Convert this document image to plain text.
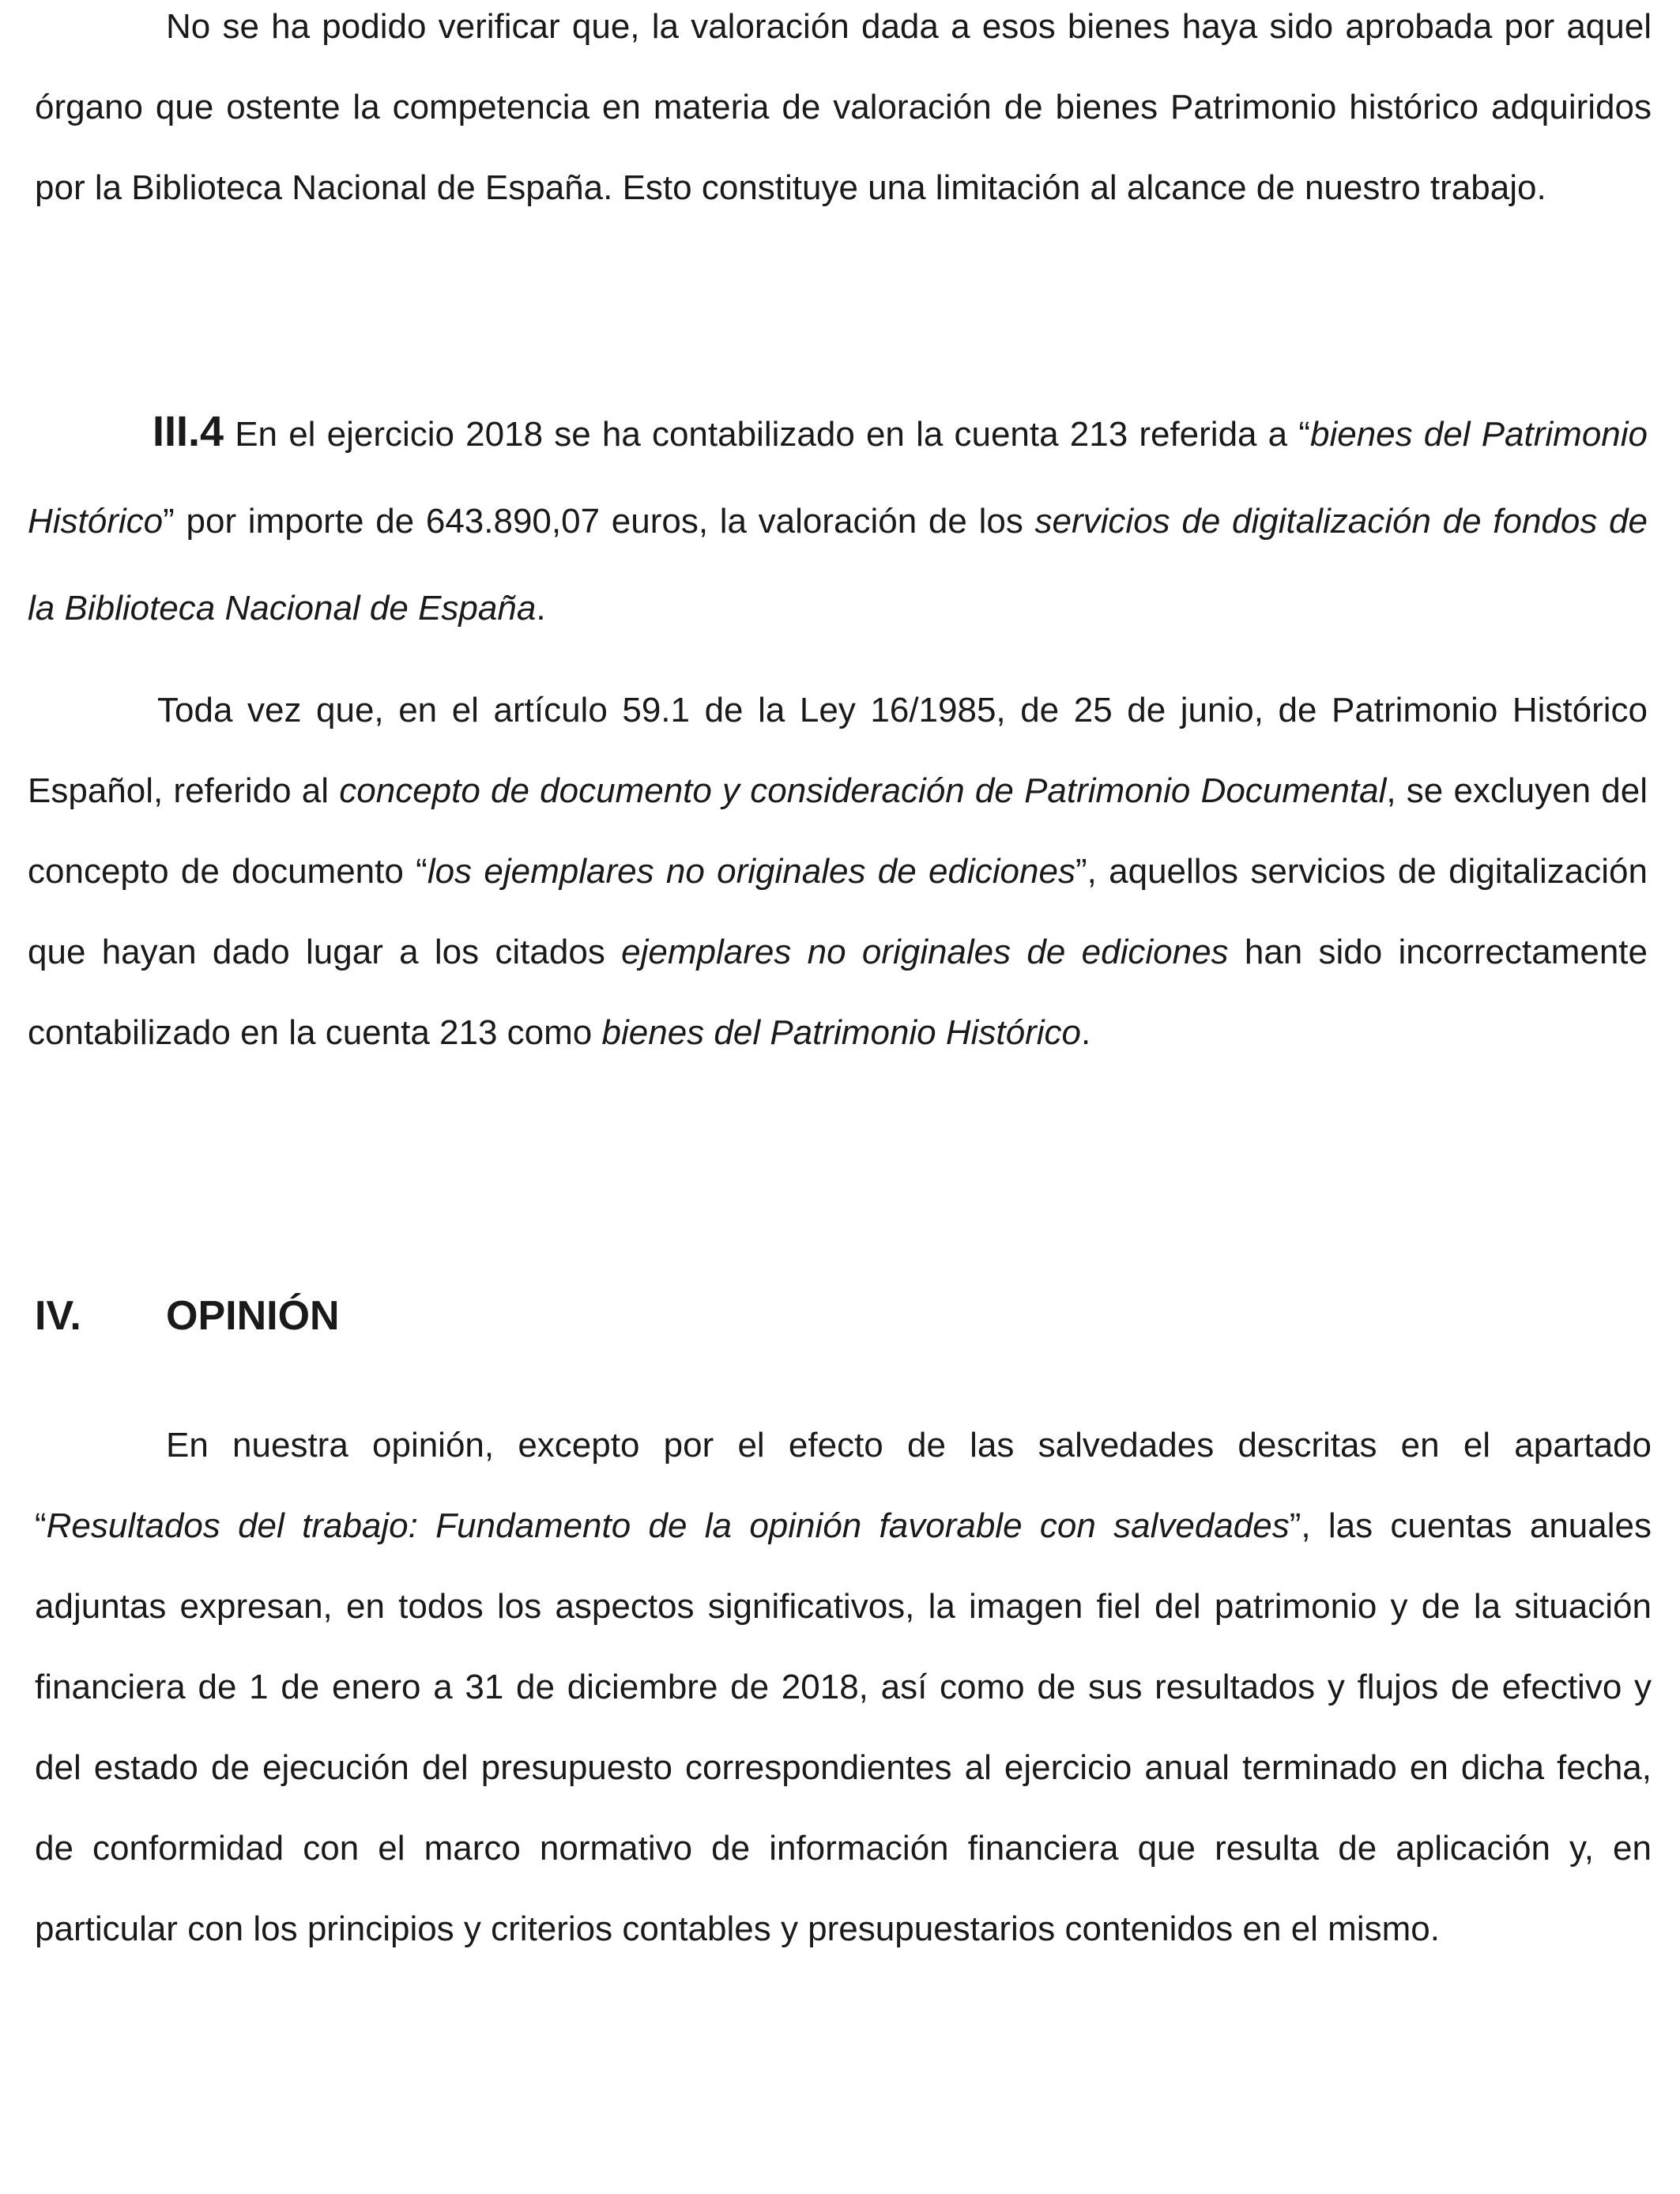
No se ha podido verificar que, la valoración dada a esos bienes haya sido aprobada por aquel órgano que ostente la competencia en materia de valoración de bienes Patrimonio histórico adquiridos por la Biblioteca Nacional de España. Esto constituye una limitación al alcance de nuestro trabajo.

III.4 En el ejercicio 2018 se ha contabilizado en la cuenta 213 referida a “bienes del Patrimonio Histórico” por importe de 643.890,07 euros, la valoración de los servicios de digitalización de fondos de la Biblioteca Nacional de España.

Toda vez que, en el artículo 59.1 de la Ley 16/1985, de 25 de junio, de Patrimonio Histórico Español, referido al concepto de documento y consideración de Patrimonio Documental, se excluyen del concepto de documento “los ejemplares no originales de ediciones”, aquellos servicios de digitalización que hayan dado lugar a los citados ejemplares no originales de ediciones han sido incorrectamente contabilizado en la cuenta 213 como bienes del Patrimonio Histórico.

IV. OPINIÓN

En nuestra opinión, excepto por el efecto de las salvedades descritas en el apartado “Resultados del trabajo: Fundamento de la opinión favorable con salvedades”, las cuentas anuales adjuntas expresan, en todos los aspectos significativos, la imagen fiel del patrimonio y de la situación financiera de 1 de enero a 31 de diciembre de 2018, así como de sus resultados y flujos de efectivo y del estado de ejecución del presupuesto correspondientes al ejercicio anual terminado en dicha fecha, de conformidad con el marco normativo de información financiera que resulta de aplicación y, en particular con los principios y criterios contables y presupuestarios contenidos en el mismo.
